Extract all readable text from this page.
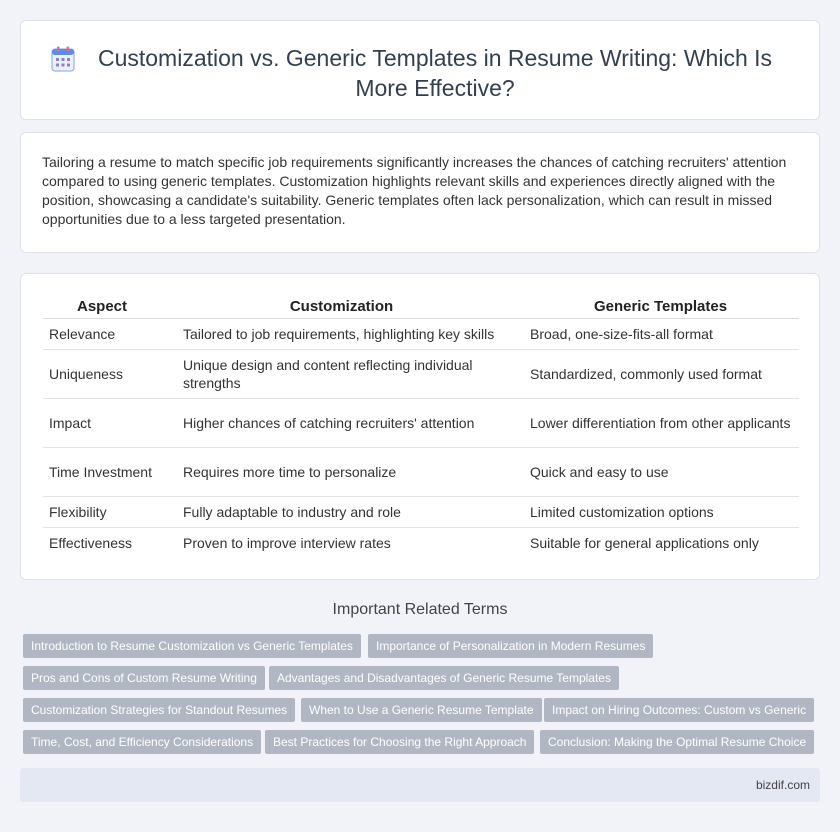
Customization vs. Generic Templates in Resume Writing: Which Is More Effective?

Tailoring a resume to match specific job requirements significantly increases the chances of catching recruiters' attention compared to using generic templates. Customization highlights relevant skills and experiences directly aligned with the position, showcasing a candidate's suitability. Generic templates often lack personalization, which can result in missed opportunities due to a less targeted presentation.

Aspect	Customization	Generic Templates
Relevance	Tailored to job requirements, highlighting key skills	Broad, one-size-fits-all format
Uniqueness	Unique design and content reflecting individual strengths	Standardized, commonly used format
Impact	Higher chances of catching recruiters' attention	Lower differentiation from other applicants
Time Investment	Requires more time to personalize	Quick and easy to use
Flexibility	Fully adaptable to industry and role	Limited customization options
Effectiveness	Proven to improve interview rates	Suitable for general applications only
Important Related Terms
Introduction to Resume Customization vs Generic Templates	Importance of Personalization in Modern Resumes
Pros and Cons of Custom Resume Writing	Advantages and Disadvantages of Generic Resume Templates
Customization Strategies for Standout Resumes	When to Use a Generic Resume Template	Impact on Hiring Outcomes: Custom vs Generic
Time, Cost, and Efficiency Considerations	Best Practices for Choosing the Right Approach	Conclusion: Making the Optimal Resume Choice
bizdif.com
